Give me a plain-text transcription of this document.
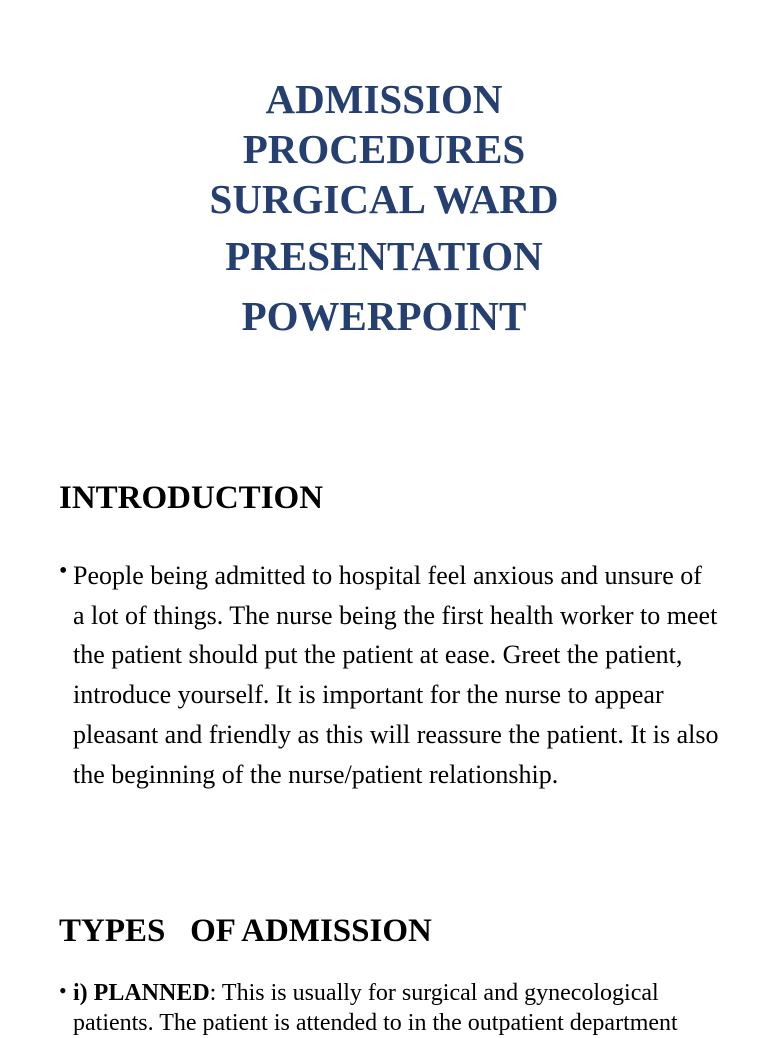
ADMISSION
PROCEDURES
SURGICAL WARD
PRESENTATION
POWERPOINT
INTRODUCTION
• People being admitted to hospital feel anxious and unsure of a lot of things. The nurse being the first health worker to meet the patient should put the patient at ease. Greet the patient, introduce yourself. It is important for the nurse to appear pleasant and friendly as this will reassure the patient. It is also the beginning of the nurse/patient relationship.
TYPES   OF ADMISSION
• i) PLANNED: This is usually for surgical and gynecological patients. The patient is attended to in the outpatient department
